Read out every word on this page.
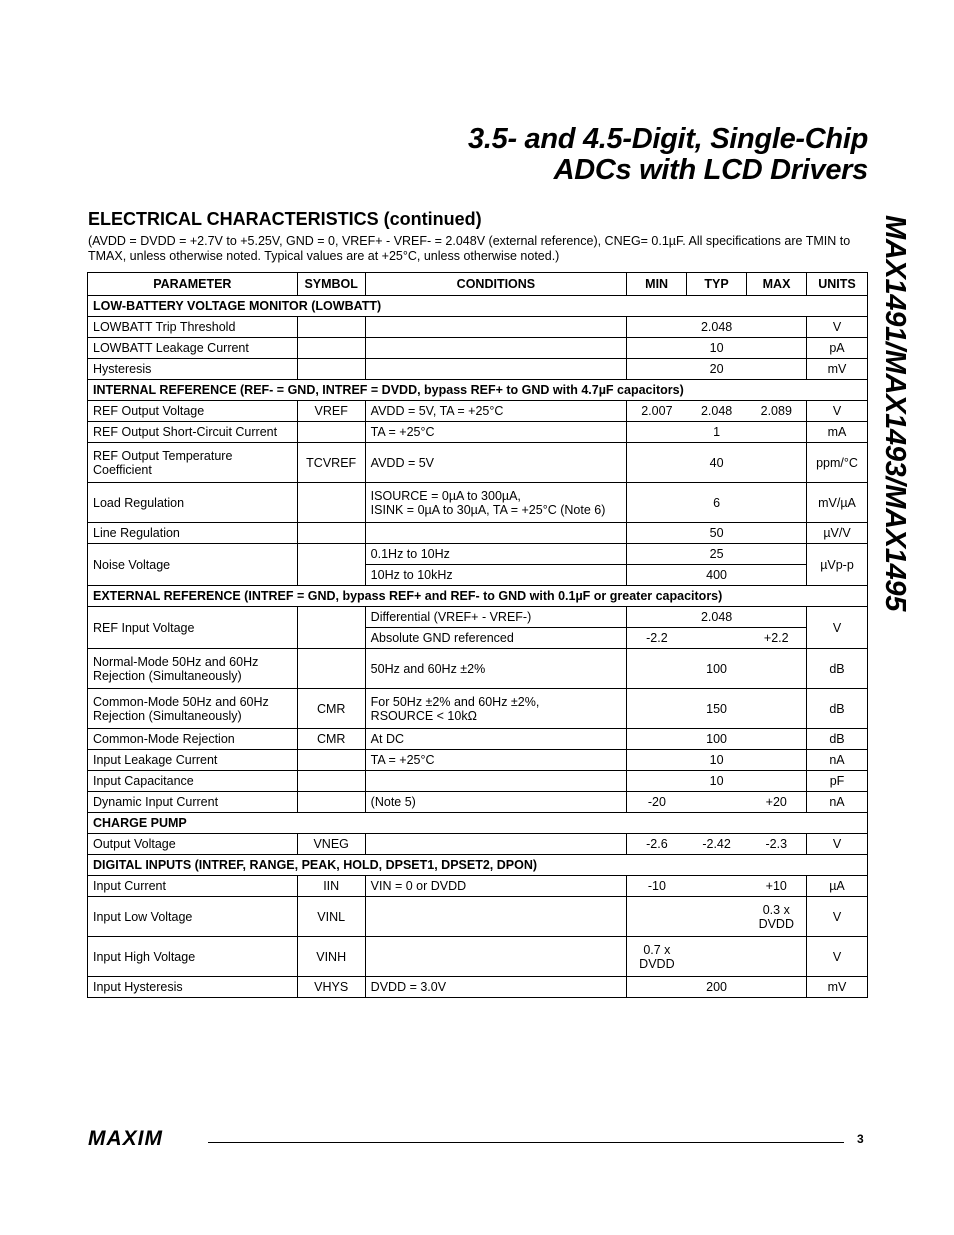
3.5- and 4.5-Digit, Single-Chip
ADCs with LCD Drivers
MAX1491/MAX1493/MAX1495
ELECTRICAL CHARACTERISTICS (continued)
(AVDD = DVDD = +2.7V to +5.25V, GND = 0, VREF+ - VREF- = 2.048V (external reference), CNEG= 0.1µF. All specifications are TMIN to TMAX, unless otherwise noted. Typical values are at +25°C, unless otherwise noted.)
PARAMETER	SYMBOL	CONDITIONS	MIN	TYP	MAX	UNITS
LOW-BATTERY VOLTAGE MONITOR (LOWBATT)						
LOWBATT Trip Threshold				2.048		V
LOWBATT Leakage Current				10		pA
Hysteresis				20		mV
INTERNAL REFERENCE (REF- = GND, INTREF = DVDD, bypass REF+ to GND with 4.7µF capacitors)						
REF Output Voltage	VREF	AVDD = 5V, TA = +25°C	2.007	2.048	2.089	V
REF Output Short-Circuit Current		TA = +25°C		1		mA
REF Output Temperature Coefficient	TCVREF	AVDD = 5V		40		ppm/°C
Load Regulation		ISOURCE = 0µA to 300µA,
ISINK = 0µA to 30µA, TA = +25°C (Note 6)		6		mV/µA
Line Regulation				50		µV/V
Noise Voltage		0.1Hz to 10Hz		25		µVp-p
		10Hz to 10kHz		400		
EXTERNAL REFERENCE (INTREF = GND, bypass REF+ and REF- to GND with 0.1µF or greater capacitors)						
REF Input Voltage		Differential (VREF+ - VREF-)		2.048		V
		Absolute GND referenced	-2.2		+2.2	
Normal-Mode 50Hz and 60Hz Rejection (Simultaneously)		50Hz and 60Hz ±2%		100		dB
Common-Mode 50Hz and 60Hz Rejection (Simultaneously)	CMR	For 50Hz ±2% and 60Hz ±2%,
RSOURCE < 10kΩ		150		dB
Common-Mode Rejection	CMR	At DC		100		dB
Input Leakage Current		TA = +25°C		10		nA
Input Capacitance				10		pF
Dynamic Input Current		(Note 5)	-20		+20	nA
CHARGE PUMP						
Output Voltage	VNEG		-2.6	-2.42	-2.3	V
DIGITAL INPUTS (INTREF, RANGE, PEAK, HOLD, DPSET1, DPSET2, DPON)						
Input Current	IIN	VIN = 0 or DVDD	-10		+10	µA
Input Low Voltage	VINL				0.3 x
DVDD	V
Input High Voltage	VINH		0.7 x
DVDD			V
Input Hysteresis	VHYS	DVDD = 3.0V		200		mV
MAXIM	3
